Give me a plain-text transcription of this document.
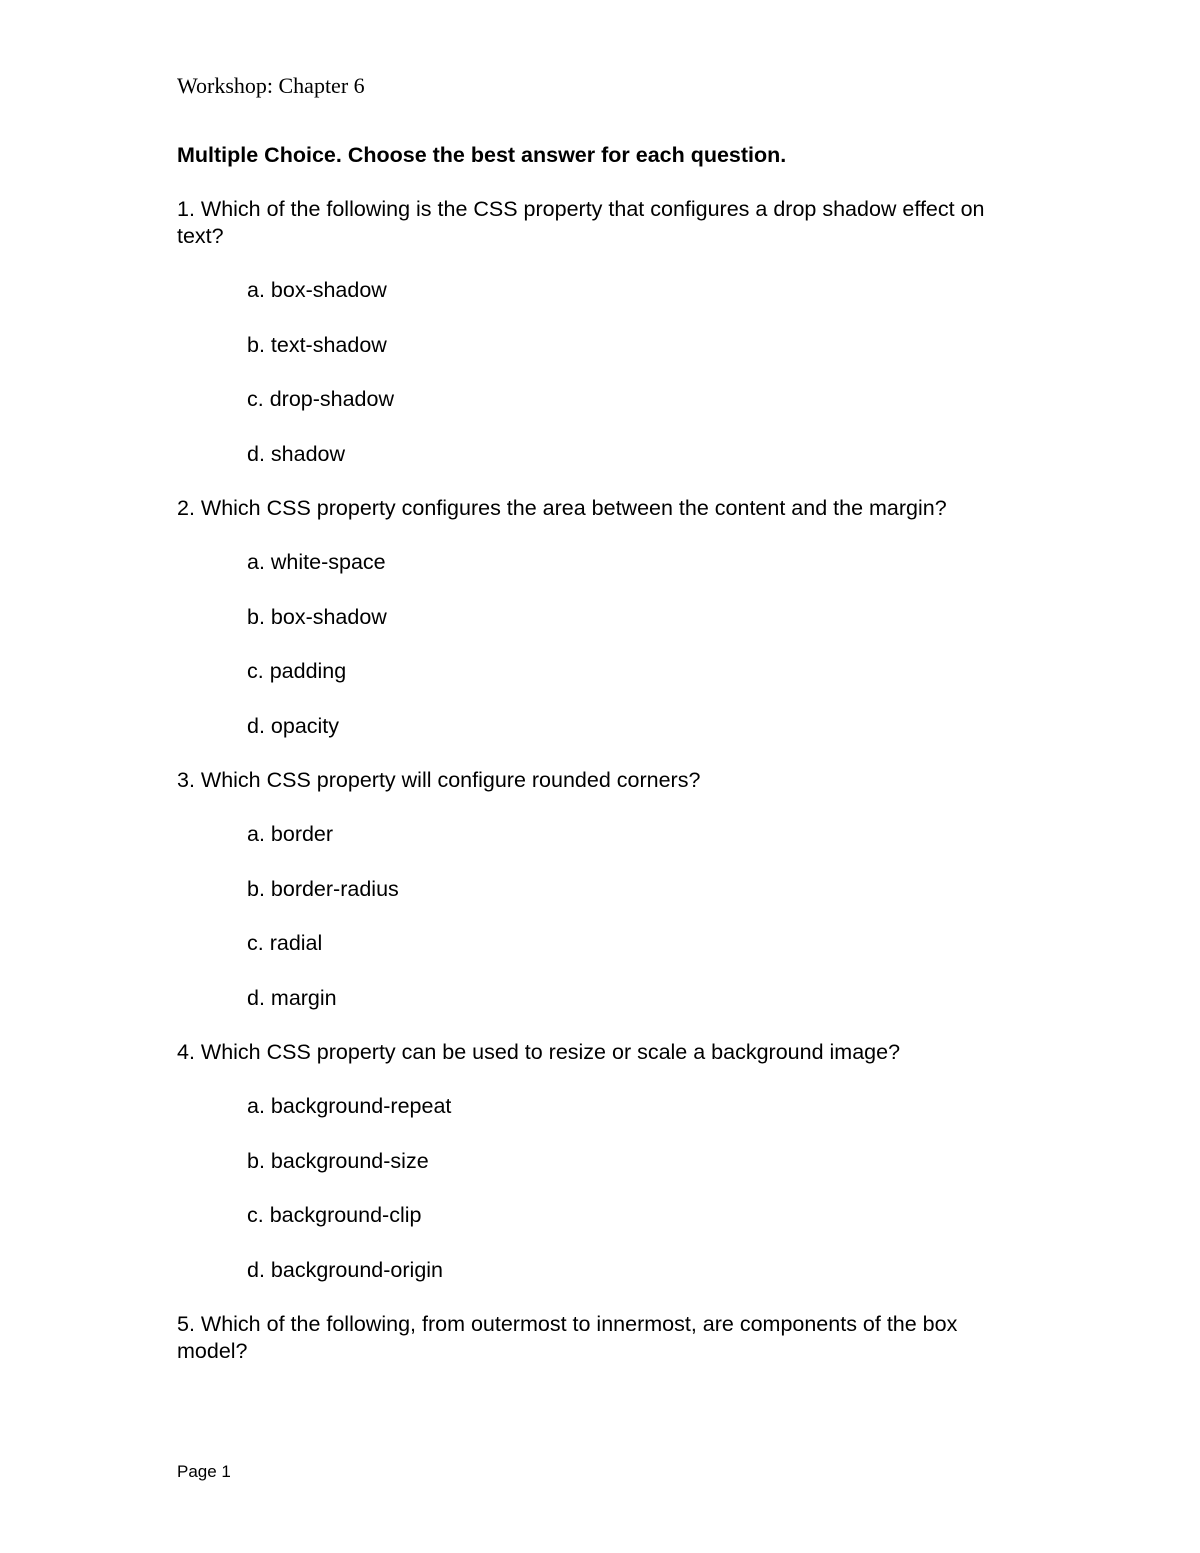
Workshop: Chapter 6
Multiple Choice. Choose the best answer for each question.
1. Which of the following is the CSS property that configures a drop shadow effect on text?
a. box-shadow
b. text-shadow
c. drop-shadow
d. shadow
2. Which CSS property configures the area between the content and the margin?
a. white-space
b. box-shadow
c. padding
d. opacity
3. Which CSS property will configure rounded corners?
a. border
b. border-radius
c. radial
d. margin
4. Which CSS property can be used to resize or scale a background image?
a. background-repeat
b. background-size
c. background-clip
d. background-origin
5. Which of the following, from outermost to innermost, are components of the box model?
Page 1
